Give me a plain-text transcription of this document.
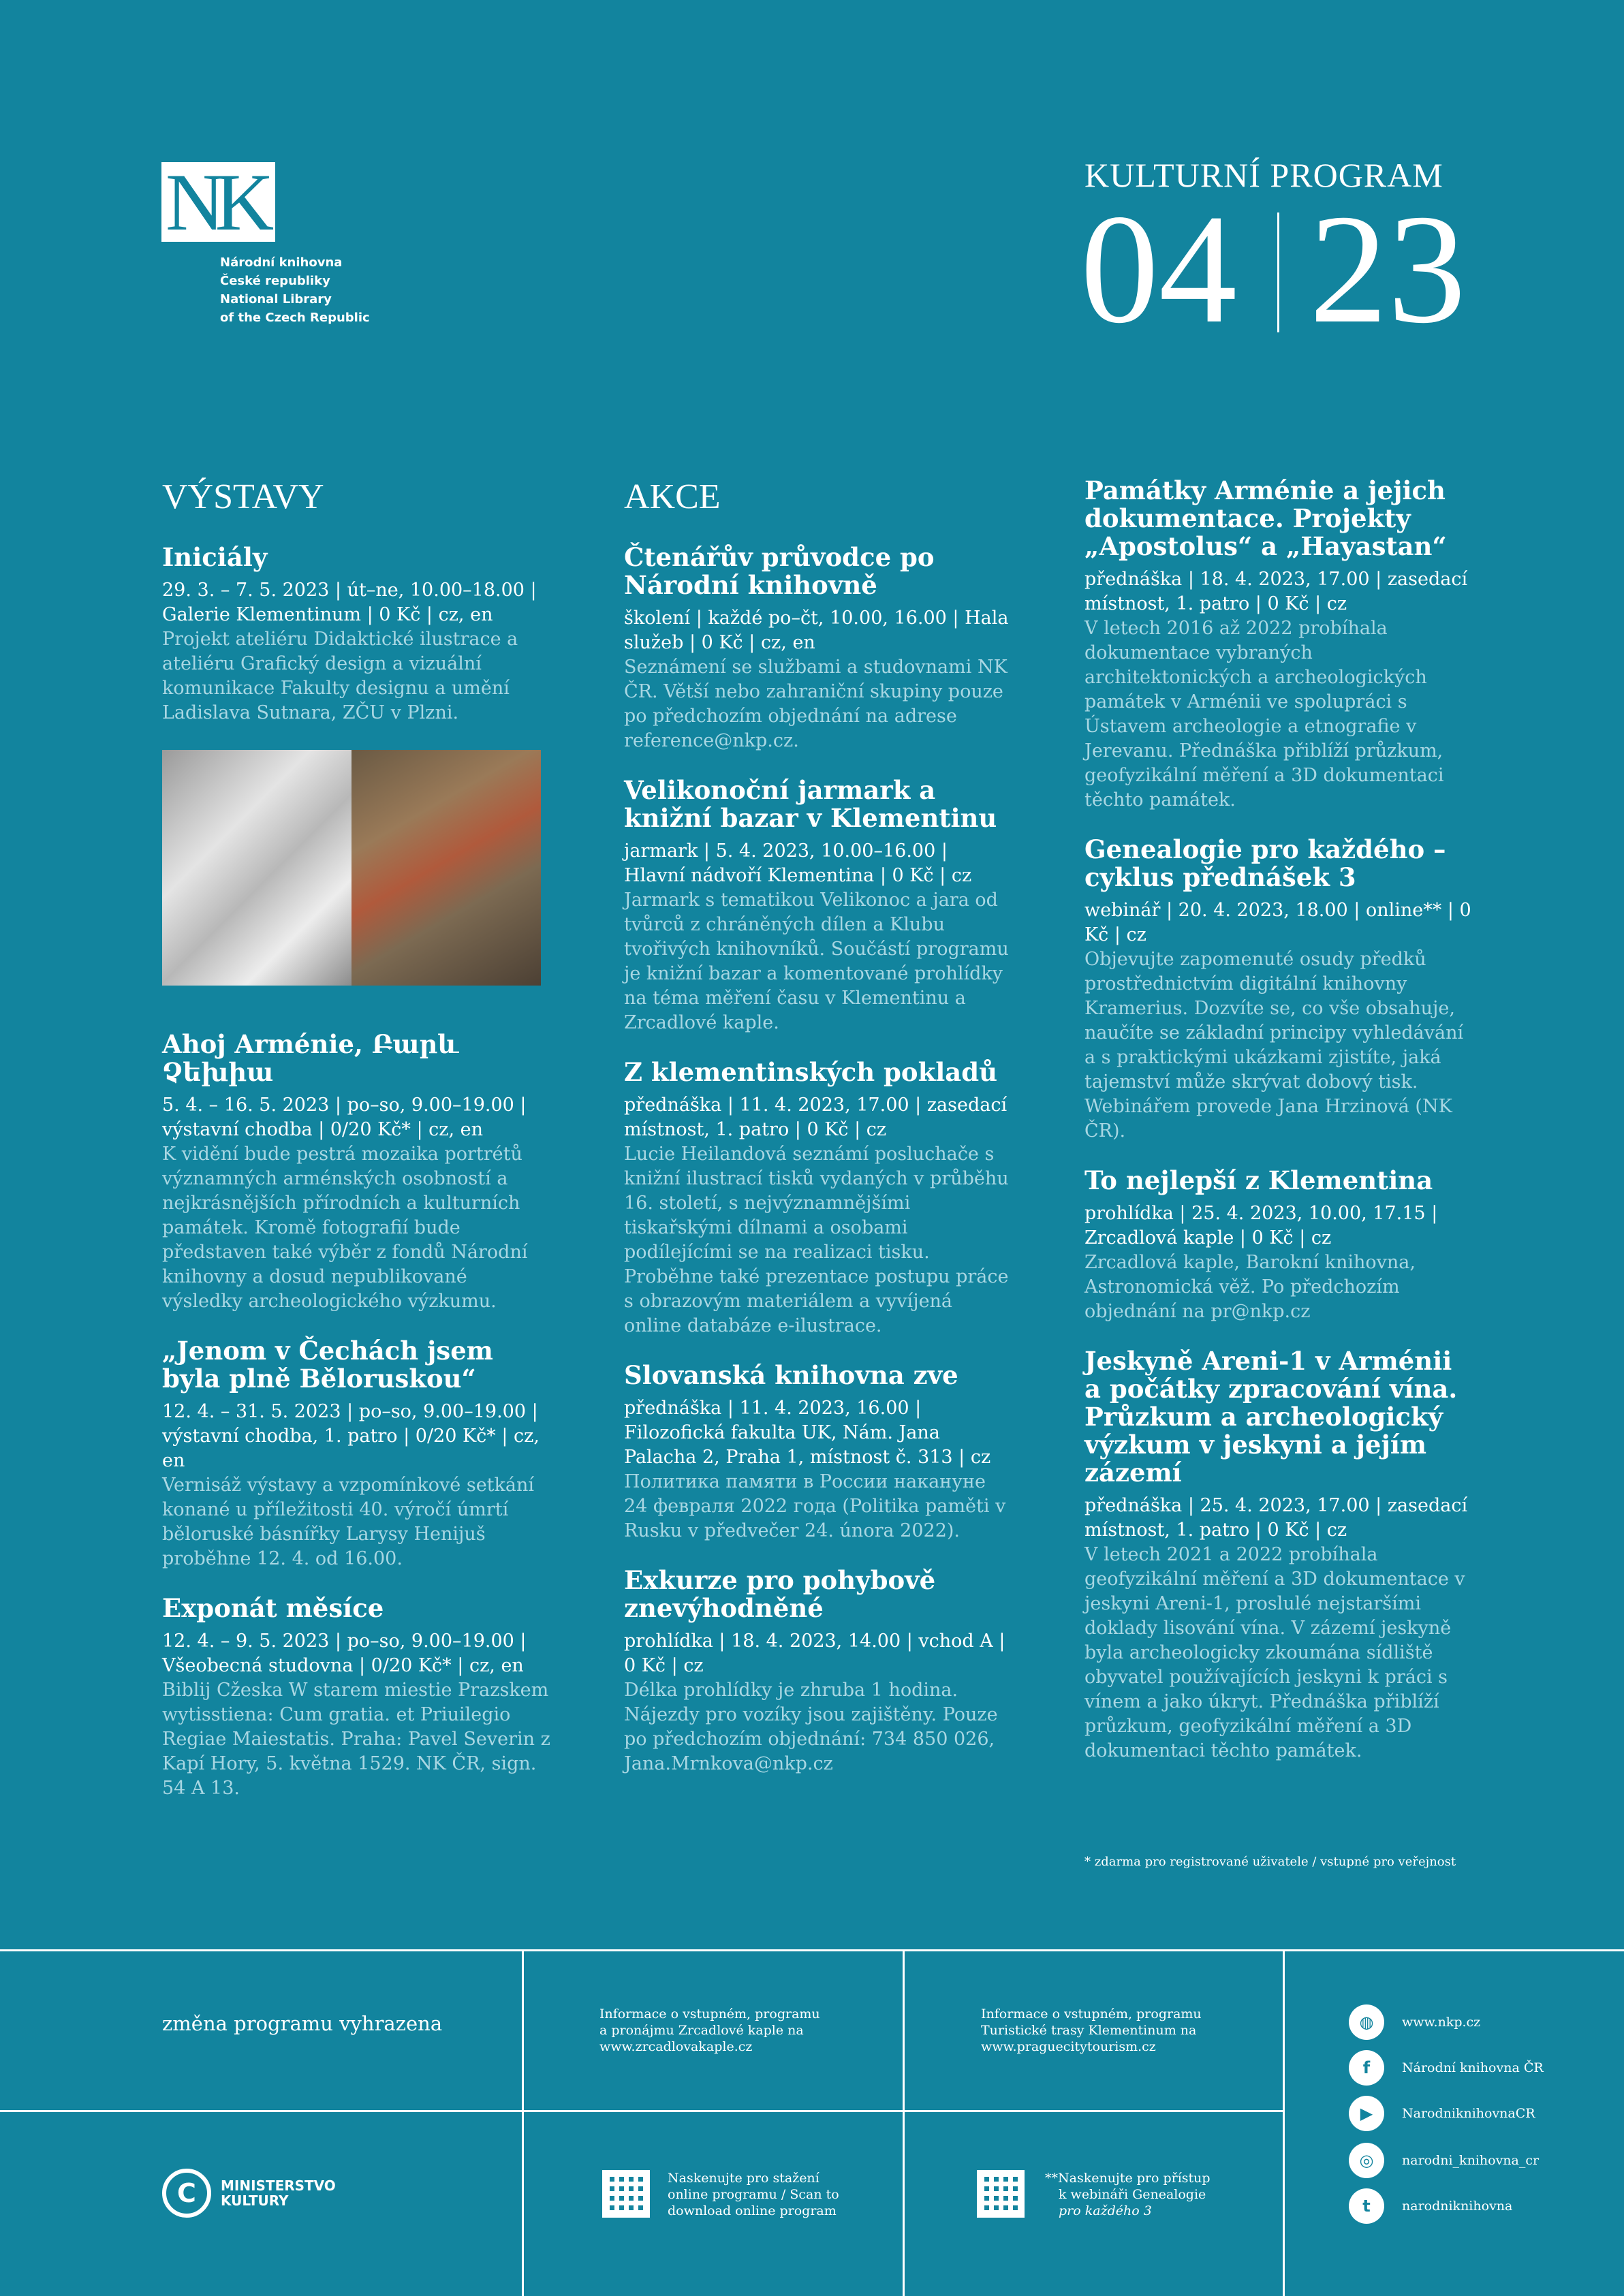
NK
Národní knihovna
České republiky
National Library
of the Czech Republic
KULTURNÍ PROGRAM
04 23
VÝSTAVY
Iniciály
29. 3. – 7. 5. 2023 | út–ne, 10.00–18.00 | Galerie Klementinum | 0 Kč | cz, en
Projekt ateliéru Didaktické ilustrace a ateliéru Grafický design a vizuální komunikace Fakulty designu a umění Ladislava Sutnara, ZČU v Plzni.
Ahoj Arménie, Բարև Չեխիա
5. 4. – 16. 5. 2023 | po–so, 9.00–19.00 | výstavní chodba | 0/20 Kč* | cz, en
K vidění bude pestrá mozaika portrétů významných arménských osobností a nejkrásnějších přírodních a kulturních památek. Kromě fotografií bude představen také výběr z fondů Národní knihovny a dosud nepublikované výsledky archeologického výzkumu.
„Jenom v Čechách jsem byla plně Běloruskou“
12. 4. – 31. 5. 2023 | po–so, 9.00–19.00 | výstavní chodba, 1. patro | 0/20 Kč* | cz, en
Vernisáž výstavy a vzpomínkové setkání konané u příležitosti 40. výročí úmrtí běloruské básnířky Larysy Henijuš proběhne 12. 4. od 16.00.
Exponát měsíce
12. 4. – 9. 5. 2023 | po–so, 9.00–19.00 | Všeobecná studovna | 0/20 Kč* | cz, en
Biblij Cžeska W starem miestie Prazskem wytisstiena: Cum gratia. et Priuilegio Regiae Maiestatis. Praha: Pavel Severin z Kapí Hory, 5. května 1529. NK ČR, sign. 54 A 13.
AKCE
Čtenářův průvodce po Národní knihovně
školení | každé po–čt, 10.00, 16.00 | Hala služeb | 0 Kč | cz, en
Seznámení se službami a studovnami NK ČR. Větší nebo zahraniční skupiny pouze po předchozím objednání na adrese reference@nkp.cz.
Velikonoční jarmark a knižní bazar v Klementinu
jarmark | 5. 4. 2023, 10.00–16.00 | Hlavní nádvoří Klementina | 0 Kč | cz
Jarmark s tematikou Velikonoc a jara od tvůrců z chráněných dílen a Klubu tvořivých knihovníků. Součástí programu je knižní bazar a komentované prohlídky na téma měření času v Klementinu a Zrcadlové kaple.
Z klementinských pokladů
přednáška | 11. 4. 2023, 17.00 | zasedací místnost, 1. patro | 0 Kč | cz
Lucie Heilandová seznámí posluchače s knižní ilustrací tisků vydaných v průběhu 16. století, s nejvýznamnějšími tiskařskými dílnami a osobami podílejícími se na realizaci tisku. Proběhne také prezentace postupu práce s obrazovým materiálem a vyvíjená online databáze e-ilustrace.
Slovanská knihovna zve
přednáška | 11. 4. 2023, 16.00 | Filozofická fakulta UK, Nám. Jana Palacha 2, Praha 1, místnost č. 313 | cz
Политика памяти в России накануне 24 февраля 2022 года (Politika paměti v Rusku v předvečer 24. února 2022).
Exkurze pro pohybově znevýhodněné
prohlídka | 18. 4. 2023, 14.00 | vchod A | 0 Kč | cz
Délka prohlídky je zhruba 1 hodina. Nájezdy pro vozíky jsou zajištěny. Pouze po předchozím objednání: 734 850 026, Jana.Mrnkova@nkp.cz
Památky Arménie a jejich dokumentace. Projekty „Apostolus“ a „Hayastan“
přednáška | 18. 4. 2023, 17.00 | zasedací místnost, 1. patro | 0 Kč | cz
V letech 2016 až 2022 probíhala dokumentace vybraných architektonických a archeologických památek v Arménii ve spolupráci s Ústavem archeologie a etnografie v Jerevanu. Přednáška přiblíží průzkum, geofyzikální měření a 3D dokumentaci těchto památek.
Genealogie pro každého – cyklus přednášek 3
webinář | 20. 4. 2023, 18.00 | online** | 0 Kč | cz
Objevujte zapomenuté osudy předků prostřednictvím digitální knihovny Kramerius. Dozvíte se, co vše obsahuje, naučíte se základní principy vyhledávání a s praktickými ukázkami zjistíte, jaká tajemství může skrývat dobový tisk. Webinářem provede Jana Hrzinová (NK ČR).
To nejlepší z Klementina
prohlídka | 25. 4. 2023, 10.00, 17.15 | Zrcadlová kaple | 0 Kč | cz
Zrcadlová kaple, Barokní knihovna, Astronomická věž. Po předchozím objednání na pr@nkp.cz
Jeskyně Areni-1 v Arménii a počátky zpracování vína. Průzkum a archeologický výzkum v jeskyni a jejím zázemí
přednáška | 25. 4. 2023, 17.00 | zasedací místnost, 1. patro | 0 Kč | cz
V letech 2021 a 2022 probíhala geofyzikální měření a 3D dokumentace v jeskyni Areni-1, proslulé nejstaršími doklady lisování vína. V zázemí jeskyně byla archeologicky zkoumána sídliště obyvatel používajících jeskyni k práci s vínem a jako úkryt. Přednáška přiblíží průzkum, geofyzikální měření a 3D dokumentaci těchto památek.
* zdarma pro registrované uživatele / vstupné pro veřejnost
změna programu vyhrazena	Informace o vstupném, programu
a pronájmu Zrcadlové kaple na
www.zrcadlovakaple.cz
Informace o vstupném, programu
Turistické trasy Klementinum na
www.praguecitytourism.cz
C	MINISTERSTVO
KULTURY
Naskenujte pro stažení
online programu / Scan to
download online program
**Naskenujte pro přístup
k webináři Genealogie
pro každého 3
◍	www.nkp.cz
f	Národní knihovna ČR
▶	NarodniknihovnaCR
◎	narodni_knihovna_cr
t	narodniknihovna
